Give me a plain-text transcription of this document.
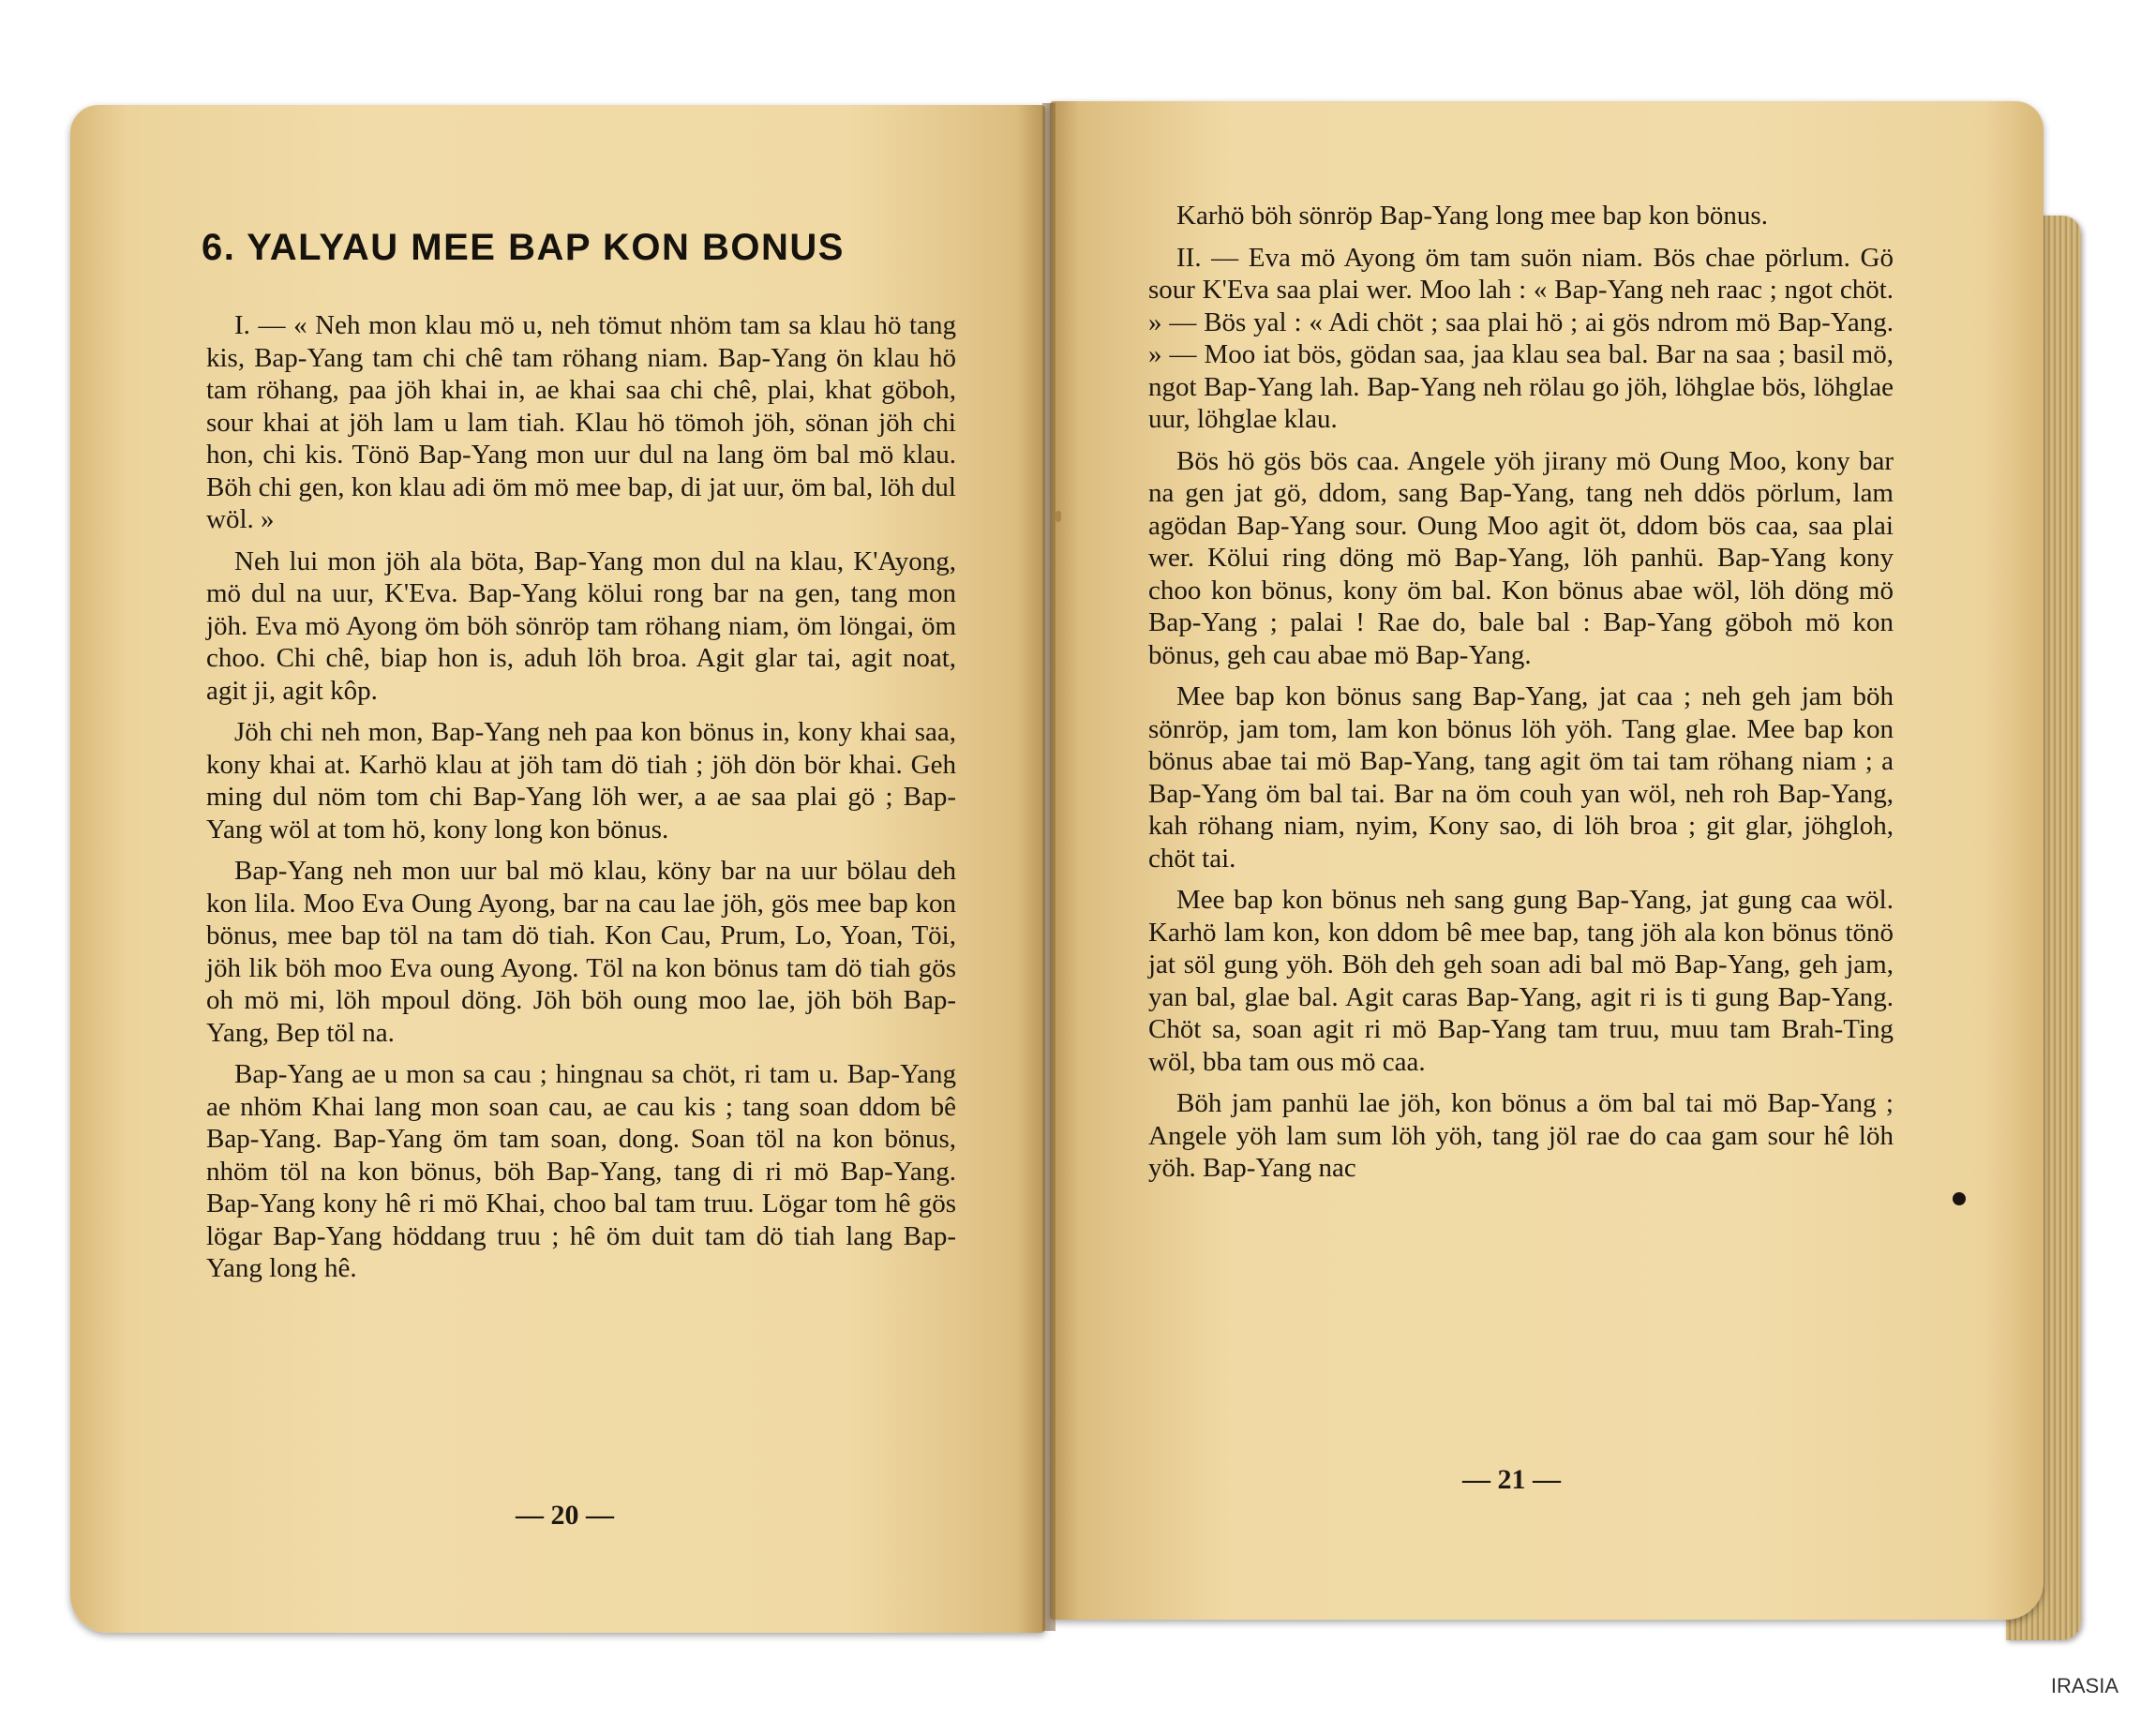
6. YALYAU MEE BAP KON BONUS

I. — « Neh mon klau mö u, neh tömut nhöm tam sa klau hö tang kis, Bap-Yang tam chi chê tam röhang niam. Bap-Yang ön klau hö tam röhang, paa jöh khai in, ae khai saa chi chê, plai, khat göboh, sour khai at jöh lam u lam tiah. Klau hö tömoh jöh, sönan jöh chi hon, chi kis. Tönö Bap-Yang mon uur dul na lang öm bal mö klau. Böh chi gen, kon klau adi öm mö mee bap, di jat uur, öm bal, löh dul wöl. »

Neh lui mon jöh ala böta, Bap-Yang mon dul na klau, K'Ayong, mö dul na uur, K'Eva. Bap-Yang kölui rong bar na gen, tang mon jöh. Eva mö Ayong öm böh sönröp tam röhang niam, öm löngai, öm choo. Chi chê, biap hon is, aduh löh broa. Agit glar tai, agit noat, agit ji, agit kôp.

Jöh chi neh mon, Bap-Yang neh paa kon bönus in, kony khai saa, kony khai at. Karhö klau at jöh tam dö tiah ; jöh dön bör khai. Geh ming dul nöm tom chi Bap-Yang löh wer, a ae saa plai gö ; Bap-Yang wöl at tom hö, kony long kon bönus.

Bap-Yang neh mon uur bal mö klau, köny bar na uur bölau deh kon lila. Moo Eva Oung Ayong, bar na cau lae jöh, gös mee bap kon bönus, mee bap töl na tam dö tiah. Kon Cau, Prum, Lo, Yoan, Töi, jöh lik böh moo Eva oung Ayong. Töl na kon bönus tam dö tiah gös oh mö mi, löh mpoul döng. Jöh böh oung moo lae, jöh böh Bap-Yang, Bep töl na.

Bap-Yang ae u mon sa cau ; hingnau sa chöt, ri tam u. Bap-Yang ae nhöm Khai lang mon soan cau, ae cau kis ; tang soan ddom bê Bap-Yang. Bap-Yang öm tam soan, dong. Soan töl na kon bönus, nhöm töl na kon bönus, böh Bap-Yang, tang di ri mö Bap-Yang. Bap-Yang kony hê ri mö Khai, choo bal tam truu. Lögar tom hê gös lögar Bap-Yang höddang truu ; hê öm duit tam dö tiah lang Bap-Yang long hê.

— 20 —

Karhö böh sönröp Bap-Yang long mee bap kon bönus.

II. — Eva mö Ayong öm tam suön niam. Bös chae pörlum. Gö sour K'Eva saa plai wer. Moo lah : « Bap-Yang neh raac ; ngot chöt. » — Bös yal : « Adi chöt ; saa plai hö ; ai gös ndrom mö Bap-Yang. » — Moo iat bös, gödan saa, jaa klau sea bal. Bar na saa ; basil mö, ngot Bap-Yang lah. Bap-Yang neh rölau go jöh, löhglae bös, löhglae uur, löhglae klau.

Bös hö gös bös caa. Angele yöh jirany mö Oung Moo, kony bar na gen jat gö, ddom, sang Bap-Yang, tang neh ddös pörlum, lam agödan Bap-Yang sour. Oung Moo agit öt, ddom bös caa, saa plai wer. Kölui ring döng mö Bap-Yang, löh panhü. Bap-Yang kony choo kon bönus, kony öm bal. Kon bönus abae wöl, löh döng mö Bap-Yang ; palai ! Rae do, bale bal : Bap-Yang göboh mö kon bönus, geh cau abae mö Bap-Yang.

Mee bap kon bönus sang Bap-Yang, jat caa ; neh geh jam böh sönröp, jam tom, lam kon bönus löh yöh. Tang glae. Mee bap kon bönus abae tai mö Bap-Yang, tang agit öm tai tam röhang niam ; a Bap-Yang öm bal tai. Bar na öm couh yan wöl, neh roh Bap-Yang, kah röhang niam, nyim, Kony sao, di löh broa ; git glar, jöhgloh, chöt tai.

Mee bap kon bönus neh sang gung Bap-Yang, jat gung caa wöl. Karhö lam kon, kon ddom bê mee bap, tang jöh ala kon bönus tönö jat söl gung yöh. Böh deh geh soan adi bal mö Bap-Yang, geh jam, yan bal, glae bal. Agit caras Bap-Yang, agit ri is ti gung Bap-Yang. Chöt sa, soan agit ri mö Bap-Yang tam truu, muu tam Brah-Ting wöl, bba tam ous mö caa.

Böh jam panhü lae jöh, kon bönus a öm bal tai mö Bap-Yang ; Angele yöh lam sum löh yöh, tang jöl rae do caa gam sour hê löh yöh. Bap-Yang nac

— 21 —
IRASIA
